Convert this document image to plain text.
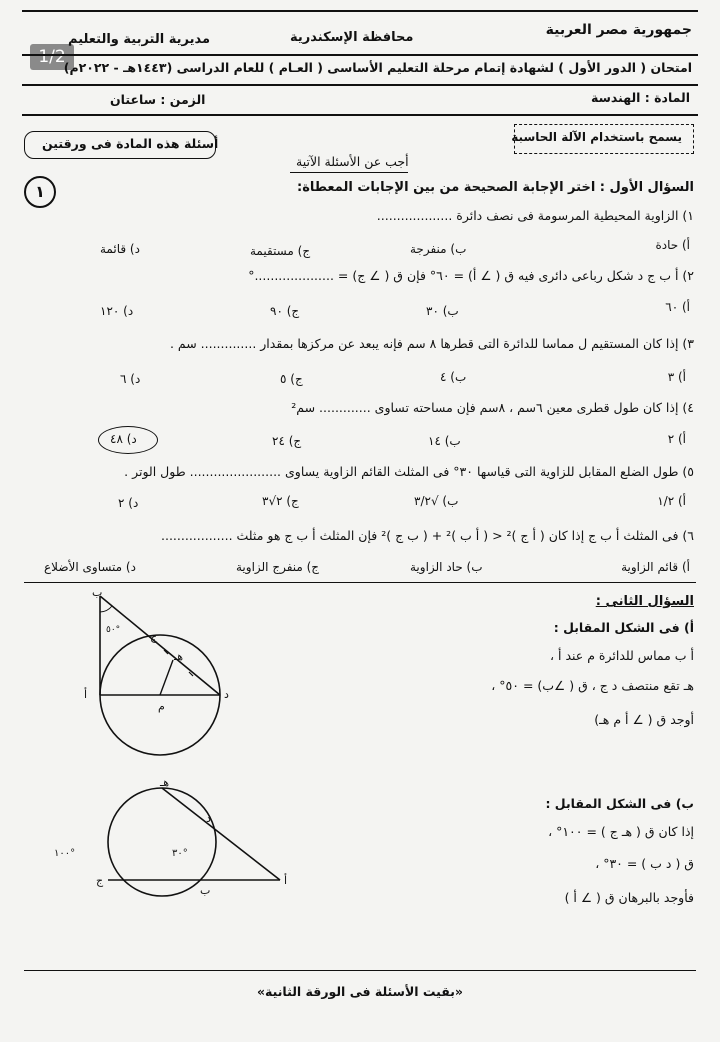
1/2
جمهورية مصر العربية
محافظة الإسكندرية
مديرية التربية والتعليم
امتحان ( الدور الأول ) لشهادة إتمام مرحلة التعليم الأساسى ( العـام ) للعام الدراسى (١٤٤٣هـ - ٢٠٢٢م)
المادة : الهندسة
الزمن : ساعتان
يسمح باستخدام الآلة الحاسبة
أسئلة هذه المادة فى ورقتين
أجب عن الأسئلة الآتية
١	السؤال الأول : اختر الإجابة الصحيحة من بين الإجابات المعطاة:
١) الزاوية المحيطية المرسومة فى نصف دائرة ...................
أ) حادة
ب) منفرجة
ج) مستقيمة
د) قائمة
٢) أ ب ج د شكل رباعى دائرى فيه ق ( ∠ أ) = ٦٠° فإن ق ( ∠ ج) = ....................°
أ) ٦٠
ب) ٣٠
ج) ٩٠
د) ١٢٠
٣) إذا كان المستقيم ل مماسا للدائرة التى قطرها ٨ سم فإنه يبعد عن مركزها بمقدار .............. سم .
أ) ٣
ب) ٤
ج) ٥
د) ٦
٤) إذا كان طول قطرى معين ٦سم ، ٨سم فإن مساحته تساوى ............. سم²
أ) ٢
ب) ١٤
ج) ٢٤
د) ٤٨
٥) طول الضلع المقابل للزاوية التى قياسها ٣٠° فى المثلث القائم الزاوية يساوى ....................... طول الوتر .
أ) ١/٢
ب) √٣/٢
ج) ٢√٣
د) ٢
٦) فى المثلث أ ب ج إذا كان ( أ ج )² < ( أ ب )² + ( ب ج )² فإن المثلث أ ب ج هو مثلث ..................
أ) قائم الزاوية
ب) حاد الزاوية
ج) منفرج الزاوية
د) متساوى الأضلاع
السؤال الثانى :
أ) فى الشكل المقابل :
أ ب مماس للدائرة م عند أ ،
هـ تقع منتصف د ج ، ق ( ∠ب) = ٥٠° ،
أوجد ق ( ∠ أ م هـ)
ب
ج
هـ
أ	د
م
٥٠°
ب) فى الشكل المقابل :
إذا كان ق ( هـ ج ) = ١٠٠° ،
ق ( د ب ) = ٣٠° ،
فأوجد بالبرهان ق ( ∠ أ )
هـ
د
ج
ب
أ
١٠٠°	٣٠°
«بقيت الأسئلة فى الورقة الثانية»
